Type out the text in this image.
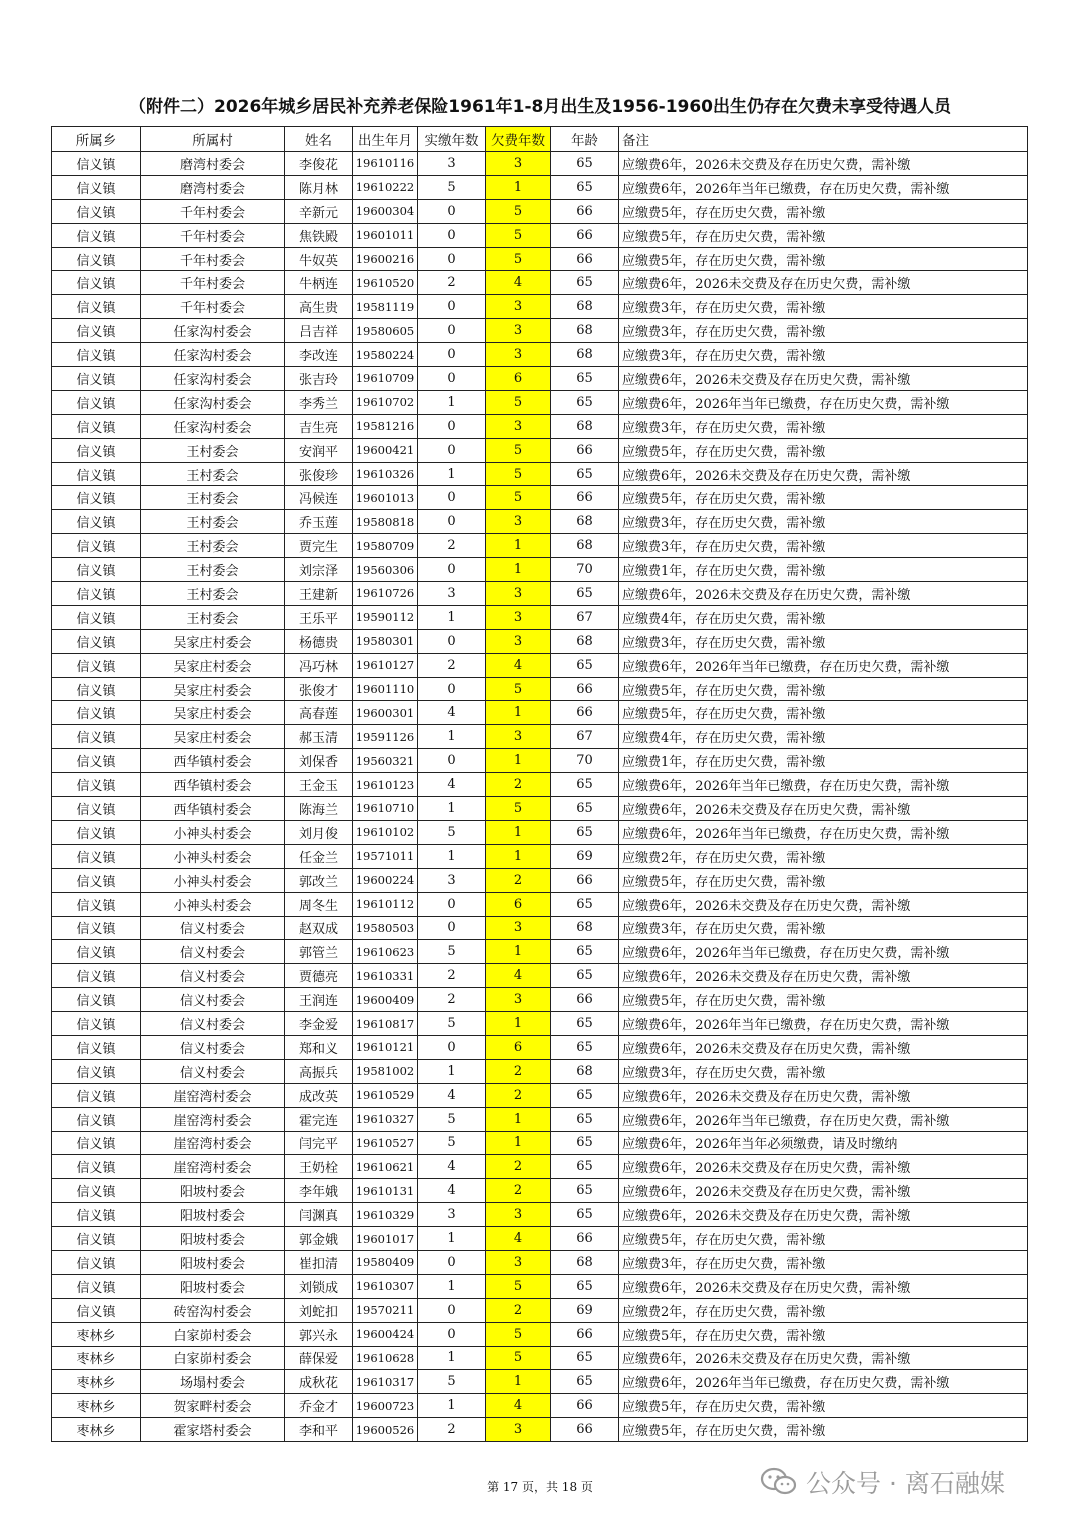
（附件二）2026年城乡居民补充养老保险1961年1-8月出生及1956-1960出生仍存在欠费未享受待遇人员
所属乡	所属村	姓名	出生年月	实缴年数	欠费年数	年龄	备注
信义镇	磨湾村委会	李俊花	19610116	3	3	65	应缴费6年，2026未交费及存在历史欠费，需补缴
信义镇	磨湾村委会	陈月林	19610222	5	1	65	应缴费6年，2026年当年已缴费，存在历史欠费，需补缴
信义镇	千年村委会	辛新元	19600304	0	5	66	应缴费5年，存在历史欠费，需补缴
信义镇	千年村委会	焦铁殿	19601011	0	5	66	应缴费5年，存在历史欠费，需补缴
信义镇	千年村委会	牛奴英	19600216	0	5	66	应缴费5年，存在历史欠费，需补缴
信义镇	千年村委会	牛柄连	19610520	2	4	65	应缴费6年，2026未交费及存在历史欠费，需补缴
信义镇	千年村委会	高生贵	19581119	0	3	68	应缴费3年，存在历史欠费，需补缴
信义镇	任家沟村委会	吕吉祥	19580605	0	3	68	应缴费3年，存在历史欠费，需补缴
信义镇	任家沟村委会	李改连	19580224	0	3	68	应缴费3年，存在历史欠费，需补缴
信义镇	任家沟村委会	张吉玲	19610709	0	6	65	应缴费6年，2026未交费及存在历史欠费，需补缴
信义镇	任家沟村委会	李秀兰	19610702	1	5	65	应缴费6年，2026年当年已缴费，存在历史欠费，需补缴
信义镇	任家沟村委会	吉生亮	19581216	0	3	68	应缴费3年，存在历史欠费，需补缴
信义镇	王村委会	安润平	19600421	0	5	66	应缴费5年，存在历史欠费，需补缴
信义镇	王村委会	张俊珍	19610326	1	5	65	应缴费6年，2026未交费及存在历史欠费，需补缴
信义镇	王村委会	冯候连	19601013	0	5	66	应缴费5年，存在历史欠费，需补缴
信义镇	王村委会	乔玉莲	19580818	0	3	68	应缴费3年，存在历史欠费，需补缴
信义镇	王村委会	贾完生	19580709	2	1	68	应缴费3年，存在历史欠费，需补缴
信义镇	王村委会	刘宗泽	19560306	0	1	70	应缴费1年，存在历史欠费，需补缴
信义镇	王村委会	王建新	19610726	3	3	65	应缴费6年，2026未交费及存在历史欠费，需补缴
信义镇	王村委会	王乐平	19590112	1	3	67	应缴费4年，存在历史欠费，需补缴
信义镇	吴家庄村委会	杨德贵	19580301	0	3	68	应缴费3年，存在历史欠费，需补缴
信义镇	吴家庄村委会	冯巧林	19610127	2	4	65	应缴费6年，2026年当年已缴费，存在历史欠费，需补缴
信义镇	吴家庄村委会	张俊才	19601110	0	5	66	应缴费5年，存在历史欠费，需补缴
信义镇	吴家庄村委会	高春莲	19600301	4	1	66	应缴费5年，存在历史欠费，需补缴
信义镇	吴家庄村委会	郝玉清	19591126	1	3	67	应缴费4年，存在历史欠费，需补缴
信义镇	西华镇村委会	刘保香	19560321	0	1	70	应缴费1年，存在历史欠费，需补缴
信义镇	西华镇村委会	王金玉	19610123	4	2	65	应缴费6年，2026年当年已缴费，存在历史欠费，需补缴
信义镇	西华镇村委会	陈海兰	19610710	1	5	65	应缴费6年，2026未交费及存在历史欠费，需补缴
信义镇	小神头村委会	刘月俊	19610102	5	1	65	应缴费6年，2026年当年已缴费，存在历史欠费，需补缴
信义镇	小神头村委会	任金兰	19571011	1	1	69	应缴费2年，存在历史欠费，需补缴
信义镇	小神头村委会	郭改兰	19600224	3	2	66	应缴费5年，存在历史欠费，需补缴
信义镇	小神头村委会	周冬生	19610112	0	6	65	应缴费6年，2026未交费及存在历史欠费，需补缴
信义镇	信义村委会	赵双成	19580503	0	3	68	应缴费3年，存在历史欠费，需补缴
信义镇	信义村委会	郭管兰	19610623	5	1	65	应缴费6年，2026年当年已缴费，存在历史欠费，需补缴
信义镇	信义村委会	贾德亮	19610331	2	4	65	应缴费6年，2026未交费及存在历史欠费，需补缴
信义镇	信义村委会	王润连	19600409	2	3	66	应缴费5年，存在历史欠费，需补缴
信义镇	信义村委会	李金爱	19610817	5	1	65	应缴费6年，2026年当年已缴费，存在历史欠费，需补缴
信义镇	信义村委会	郑和义	19610121	0	6	65	应缴费6年，2026未交费及存在历史欠费，需补缴
信义镇	信义村委会	高振兵	19581002	1	2	68	应缴费3年，存在历史欠费，需补缴
信义镇	崖窑湾村委会	成改英	19610529	4	2	65	应缴费6年，2026未交费及存在历史欠费，需补缴
信义镇	崖窑湾村委会	霍完连	19610327	5	1	65	应缴费6年，2026年当年已缴费，存在历史欠费，需补缴
信义镇	崖窑湾村委会	闫完平	19610527	5	1	65	应缴费6年，2026年当年必须缴费，请及时缴纳
信义镇	崖窑湾村委会	王奶栓	19610621	4	2	65	应缴费6年，2026未交费及存在历史欠费，需补缴
信义镇	阳坡村委会	李年娥	19610131	4	2	65	应缴费6年，2026未交费及存在历史欠费，需补缴
信义镇	阳坡村委会	闫渊真	19610329	3	3	65	应缴费6年，2026未交费及存在历史欠费，需补缴
信义镇	阳坡村委会	郭金娥	19601017	1	4	66	应缴费5年，存在历史欠费，需补缴
信义镇	阳坡村委会	崔扣清	19580409	0	3	68	应缴费3年，存在历史欠费，需补缴
信义镇	阳坡村委会	刘锁成	19610307	1	5	65	应缴费6年，2026未交费及存在历史欠费，需补缴
信义镇	砖窑沟村委会	刘蛇扣	19570211	0	2	69	应缴费2年，存在历史欠费，需补缴
枣林乡	白家峁村委会	郭兴永	19600424	0	5	66	应缴费5年，存在历史欠费，需补缴
枣林乡	白家峁村委会	薛保爱	19610628	1	5	65	应缴费6年，2026未交费及存在历史欠费，需补缴
枣林乡	场塌村委会	成秋花	19610317	5	1	65	应缴费6年，2026年当年已缴费，存在历史欠费，需补缴
枣林乡	贺家畔村委会	乔金才	19600723	1	4	66	应缴费5年，存在历史欠费，需补缴
枣林乡	霍家塔村委会	李和平	19600526	2	3	66	应缴费5年，存在历史欠费，需补缴
第 17 页，共 18 页	公众号 · 离石融媒
